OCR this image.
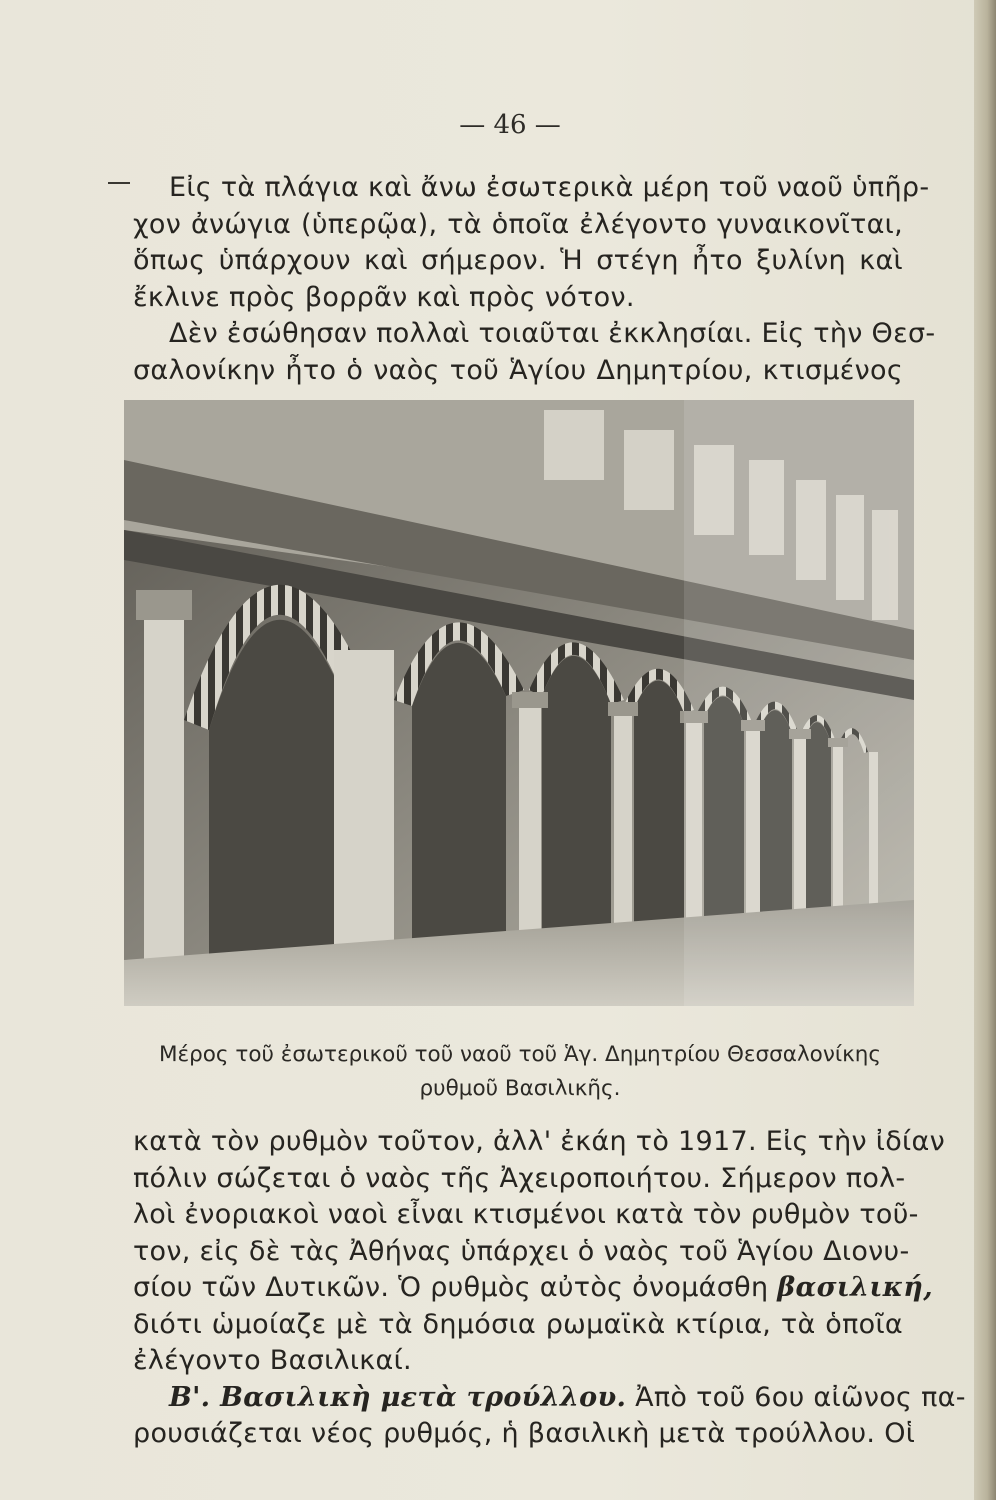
— 46 —

Εἰς τὰ πλάγια καὶ ἄνω ἐσωτερικὰ μέρη τοῦ ναοῦ ὑπῆρ-
χον ἀνώγια (ὑπερῷα), τὰ ὁποῖα ἐλέγοντο γυναικονῖται,
ὅπως ὑπάρχουν καὶ σήμερον. Ἡ στέγη ἦτο ξυλίνη καὶ
ἔκλινε πρὸς βορρᾶν καὶ πρὸς νότον.

Δὲν ἐσώθησαν πολλαὶ τοιαῦται ἐκκλησίαι. Εἰς τὴν Θεσ-
σαλονίκην ἦτο ὁ ναὸς τοῦ Ἁγίου Δημητρίου, κτισμένος

Μέρος τοῦ ἐσωτερικοῦ τοῦ ναοῦ τοῦ Ἁγ. Δημητρίου Θεσσαλονίκης
ρυθμοῦ Βασιλικῆς.
κατὰ τὸν ρυθμὸν τοῦτον, ἀλλ' ἐκάη τὸ 1917. Εἰς τὴν ἰδίαν
πόλιν σώζεται ὁ ναὸς τῆς Ἀχειροποιήτου. Σήμερον πολ-
λοὶ ἐνοριακοὶ ναοὶ εἶναι κτισμένοι κατὰ τὸν ρυθμὸν τοῦ-
τον, εἰς δὲ τὰς Ἀθήνας ὑπάρχει ὁ ναὸς τοῦ Ἁγίου Διονυ-
σίου τῶν Δυτικῶν. Ὁ ρυθμὸς αὐτὸς ὀνομάσθη βασιλική,
διότι ὡμοίαζε μὲ τὰ δημόσια ρωμαϊκὰ κτίρια, τὰ ὁποῖα
ἐλέγοντο Βασιλικαί.
Β'. Βασιλικὴ μετὰ τρούλλου. Ἀπὸ τοῦ 6ου αἰῶνος πα-
ρουσιάζεται νέος ρυθμός, ἡ βασιλικὴ μετὰ τρούλλου. Οἱ
